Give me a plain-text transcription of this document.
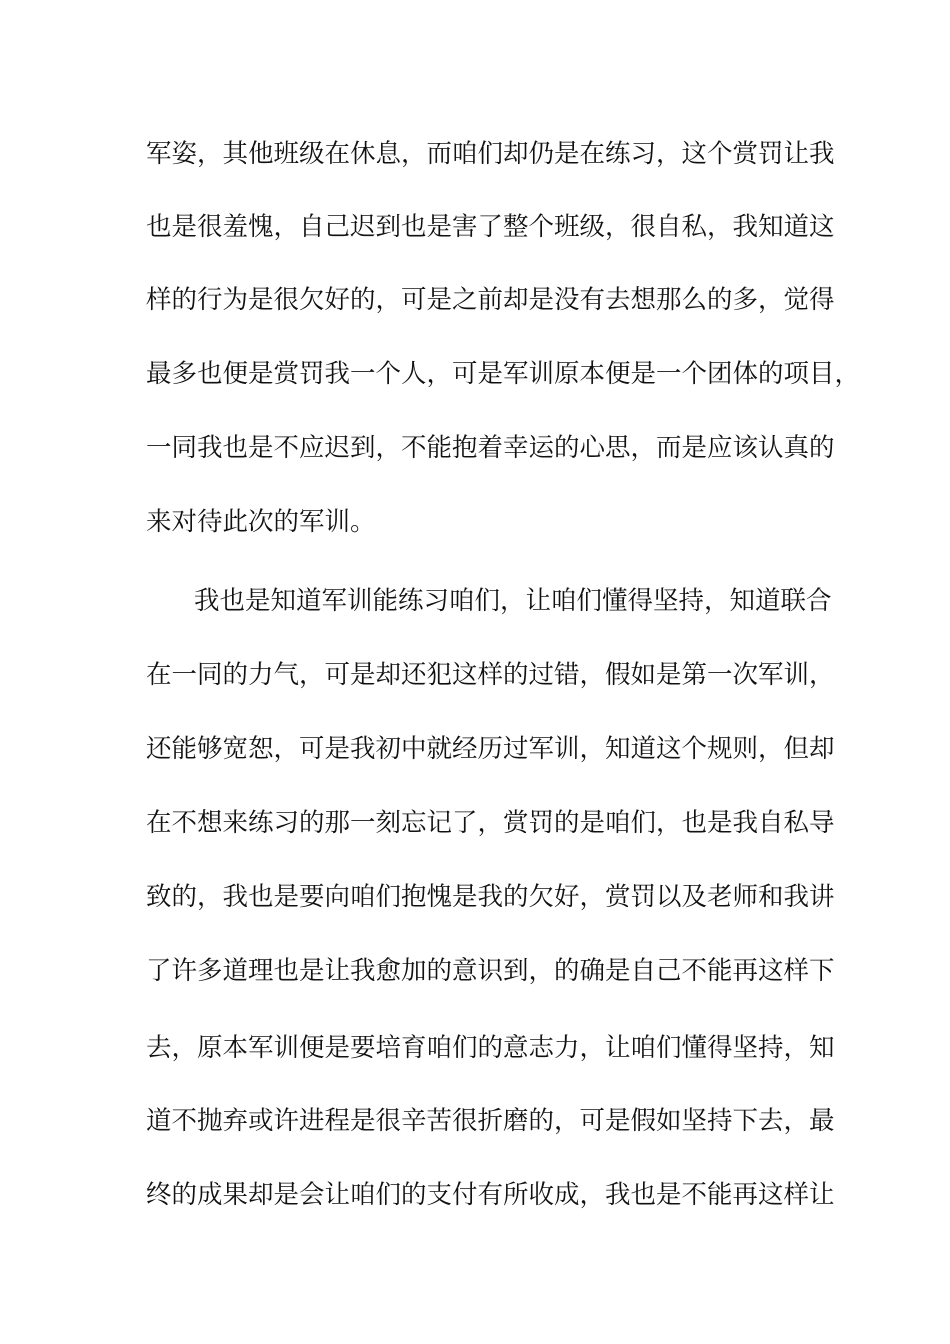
军姿，其他班级在休息，而咱们却仍是在练习，这个赏罚让我
也是很羞愧，自己迟到也是害了整个班级，很自私，我知道这
样的行为是很欠好的，可是之前却是没有去想那么的多，觉得
最多也便是赏罚我一个人，可是军训原本便是一个团体的项目，
一同我也是不应迟到，不能抱着幸运的心思，而是应该认真的
来对待此次的军训。
我也是知道军训能练习咱们，让咱们懂得坚持，知道联合
在一同的力气，可是却还犯这样的过错，假如是第一次军训，
还能够宽恕，可是我初中就经历过军训，知道这个规则，但却
在不想来练习的那一刻忘记了，赏罚的是咱们，也是我自私导
致的，我也是要向咱们抱愧是我的欠好，赏罚以及老师和我讲
了许多道理也是让我愈加的意识到，的确是自己不能再这样下
去，原本军训便是要培育咱们的意志力，让咱们懂得坚持，知
道不抛弃或许进程是很辛苦很折磨的，可是假如坚持下去，最
终的成果却是会让咱们的支付有所收成，我也是不能再这样让
